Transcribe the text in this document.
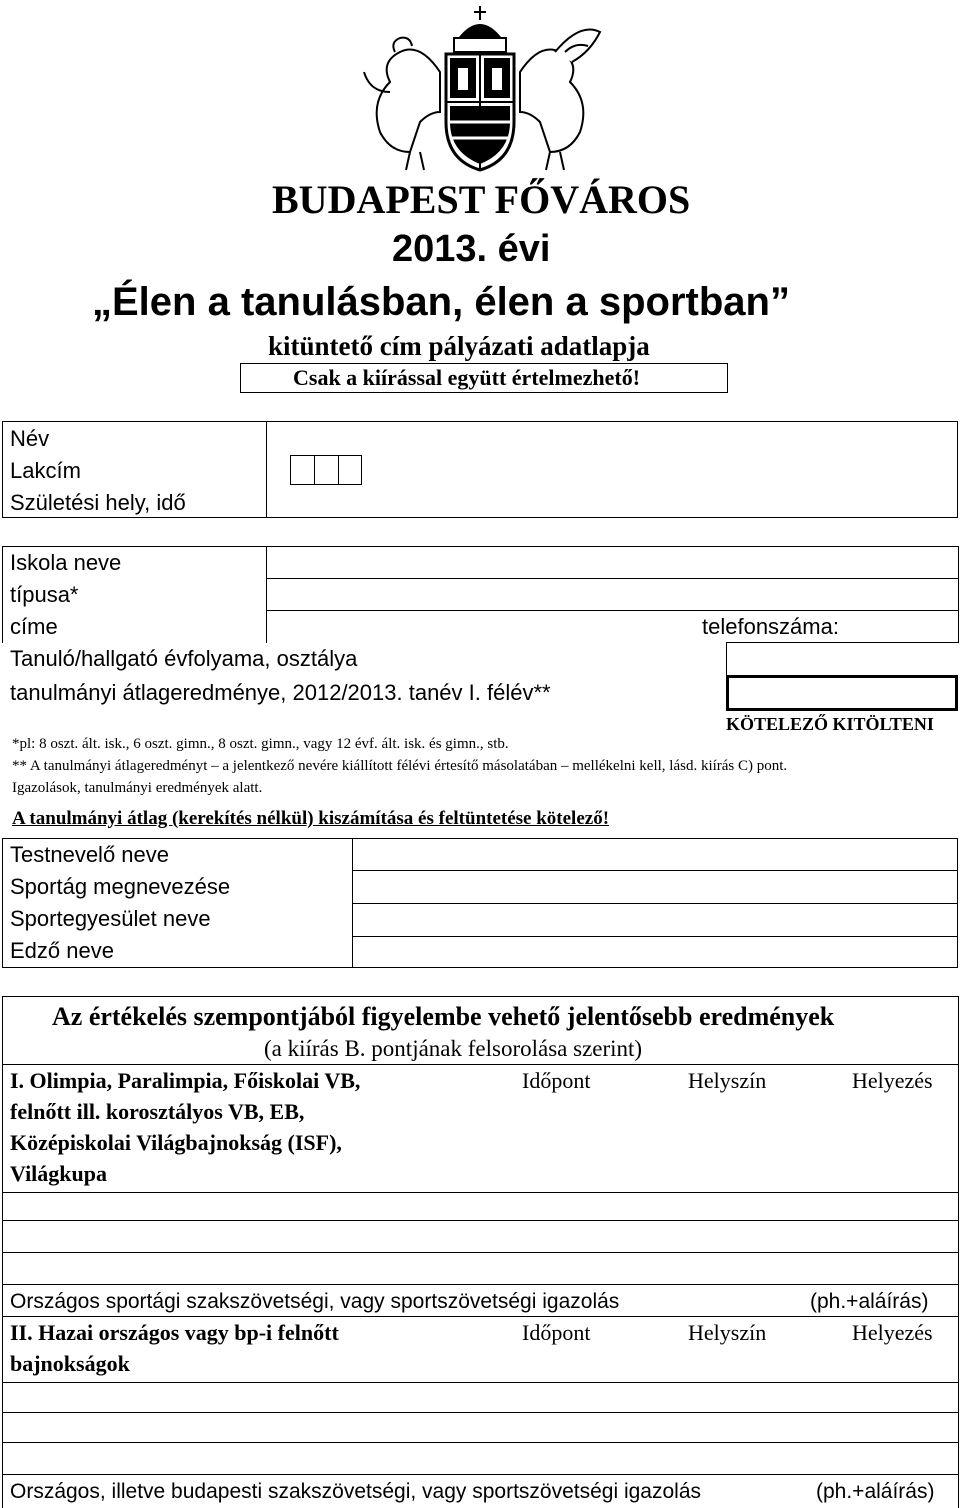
BUDAPEST FŐVÁROS
2013. évi
„Élen a tanulásban, élen a sportban”
kitüntető cím pályázati adatlapja
Csak a kiírással együtt értelmezhető!
Név
Lakcím
Születési hely, idő
Iskola neve
típusa*
címe	telefonszáma:
Tanuló/hallgató évfolyama, osztálya
tanulmányi átlageredménye, 2012/2013. tanév I. félév**
KÖTELEZŐ KITÖLTENI
*pl: 8 oszt. ált. isk., 6 oszt. gimn., 8 oszt. gimn., vagy 12 évf. ált. isk. és gimn., stb.
** A tanulmányi átlageredményt – a jelentkező nevére kiállított félévi értesítő másolatában – mellékelni kell, lásd. kiírás C) pont.
Igazolások, tanulmányi eredmények alatt.
A tanulmányi átlag (kerekítés nélkül) kiszámítása és feltüntetése kötelező!
Testnevelő neve
Sportág megnevezése
Sportegyesület neve
Edző neve
Az értékelés szempontjából figyelembe vehető jelentősebb eredmények
(a kiírás B. pontjának felsorolása szerint)
I. Olimpia, Paralimpia, Főiskolai VB,
felnőtt ill. korosztályos VB, EB,
Középiskolai Világbajnokság (ISF),
Világkupa
Időpont	Helyszín	Helyezés
Országos sportági szakszövetségi, vagy sportszövetségi igazolás	(ph.+aláírás)
II. Hazai országos vagy bp-i felnőtt
bajnokságok
Időpont	Helyszín	Helyezés
Országos, illetve budapesti szakszövetségi, vagy sportszövetségi igazolás	(ph.+aláírás)
